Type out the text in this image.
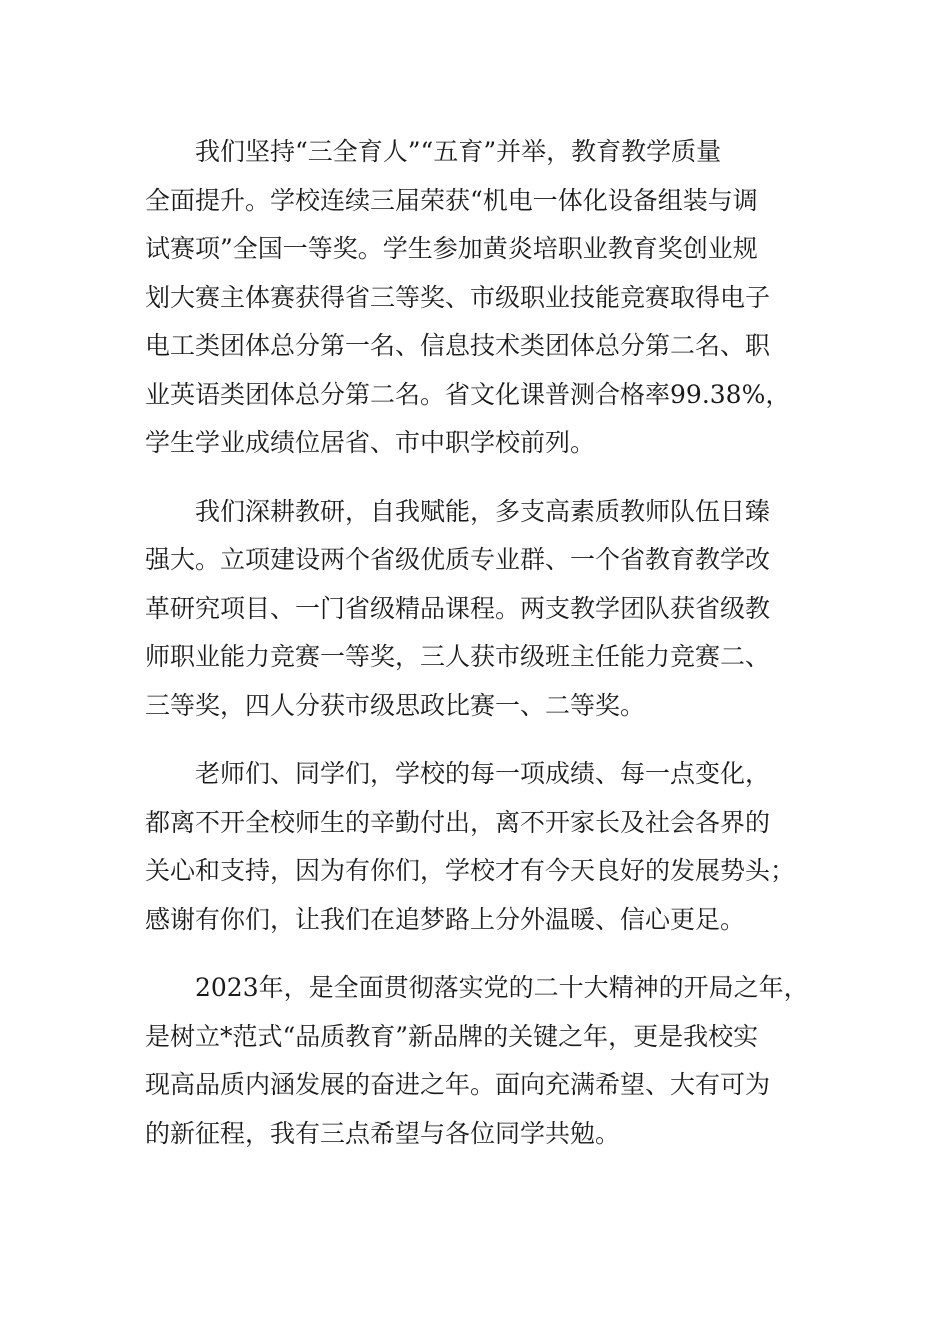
我们坚持“三全育人”“五育”并举，教育教学质量
全面提升。学校连续三届荣获“机电一体化设备组装与调
试赛项”全国一等奖。学生参加黄炎培职业教育奖创业规
划大赛主体赛获得省三等奖、市级职业技能竞赛取得电子
电工类团体总分第一名、信息技术类团体总分第二名、职
业英语类团体总分第二名。省文化课普测合格率99.38%，
学生学业成绩位居省、市中职学校前列。
我们深耕教研，自我赋能，多支高素质教师队伍日臻
强大。立项建设两个省级优质专业群、一个省教育教学改
革研究项目、一门省级精品课程。两支教学团队获省级教
师职业能力竞赛一等奖，三人获市级班主任能力竞赛二、
三等奖，四人分获市级思政比赛一、二等奖。
老师们、同学们，学校的每一项成绩、每一点变化，
都离不开全校师生的辛勤付出，离不开家长及社会各界的
关心和支持，因为有你们，学校才有今天良好的发展势头；
感谢有你们，让我们在追梦路上分外温暖、信心更足。
2023年，是全面贯彻落实党的二十大精神的开局之年，
是树立*范式“品质教育”新品牌的关键之年，更是我校实
现高品质内涵发展的奋进之年。面向充满希望、大有可为
的新征程，我有三点希望与各位同学共勉。
